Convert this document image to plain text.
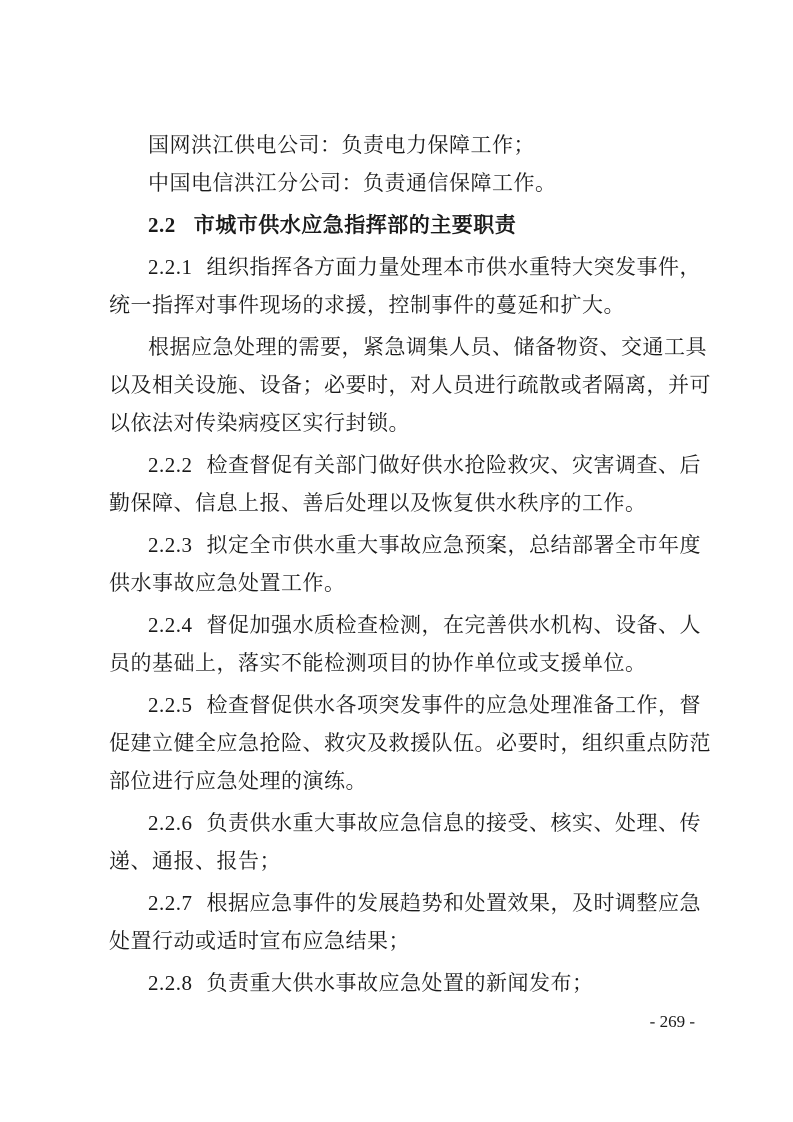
国网洪江供电公司：负责电力保障工作；
中国电信洪江分公司：负责通信保障工作。
2.2 市城市供水应急指挥部的主要职责
2.2.1 组织指挥各方面力量处理本市供水重特大突发事件，
统一指挥对事件现场的求援，控制事件的蔓延和扩大。
根据应急处理的需要，紧急调集人员、储备物资、交通工具
以及相关设施、设备；必要时，对人员进行疏散或者隔离，并可
以依法对传染病疫区实行封锁。
2.2.2 检查督促有关部门做好供水抢险救灾、灾害调查、后
勤保障、信息上报、善后处理以及恢复供水秩序的工作。
2.2.3 拟定全市供水重大事故应急预案，总结部署全市年度
供水事故应急处置工作。
2.2.4 督促加强水质检查检测，在完善供水机构、设备、人
员的基础上，落实不能检测项目的协作单位或支援单位。
2.2.5 检查督促供水各项突发事件的应急处理准备工作，督
促建立健全应急抢险、救灾及救援队伍。必要时，组织重点防范
部位进行应急处理的演练。
2.2.6 负责供水重大事故应急信息的接受、核实、处理、传
递、通报、报告；
2.2.7 根据应急事件的发展趋势和处置效果，及时调整应急
处置行动或适时宣布应急结果；
2.2.8 负责重大供水事故应急处置的新闻发布；
- 269 -
